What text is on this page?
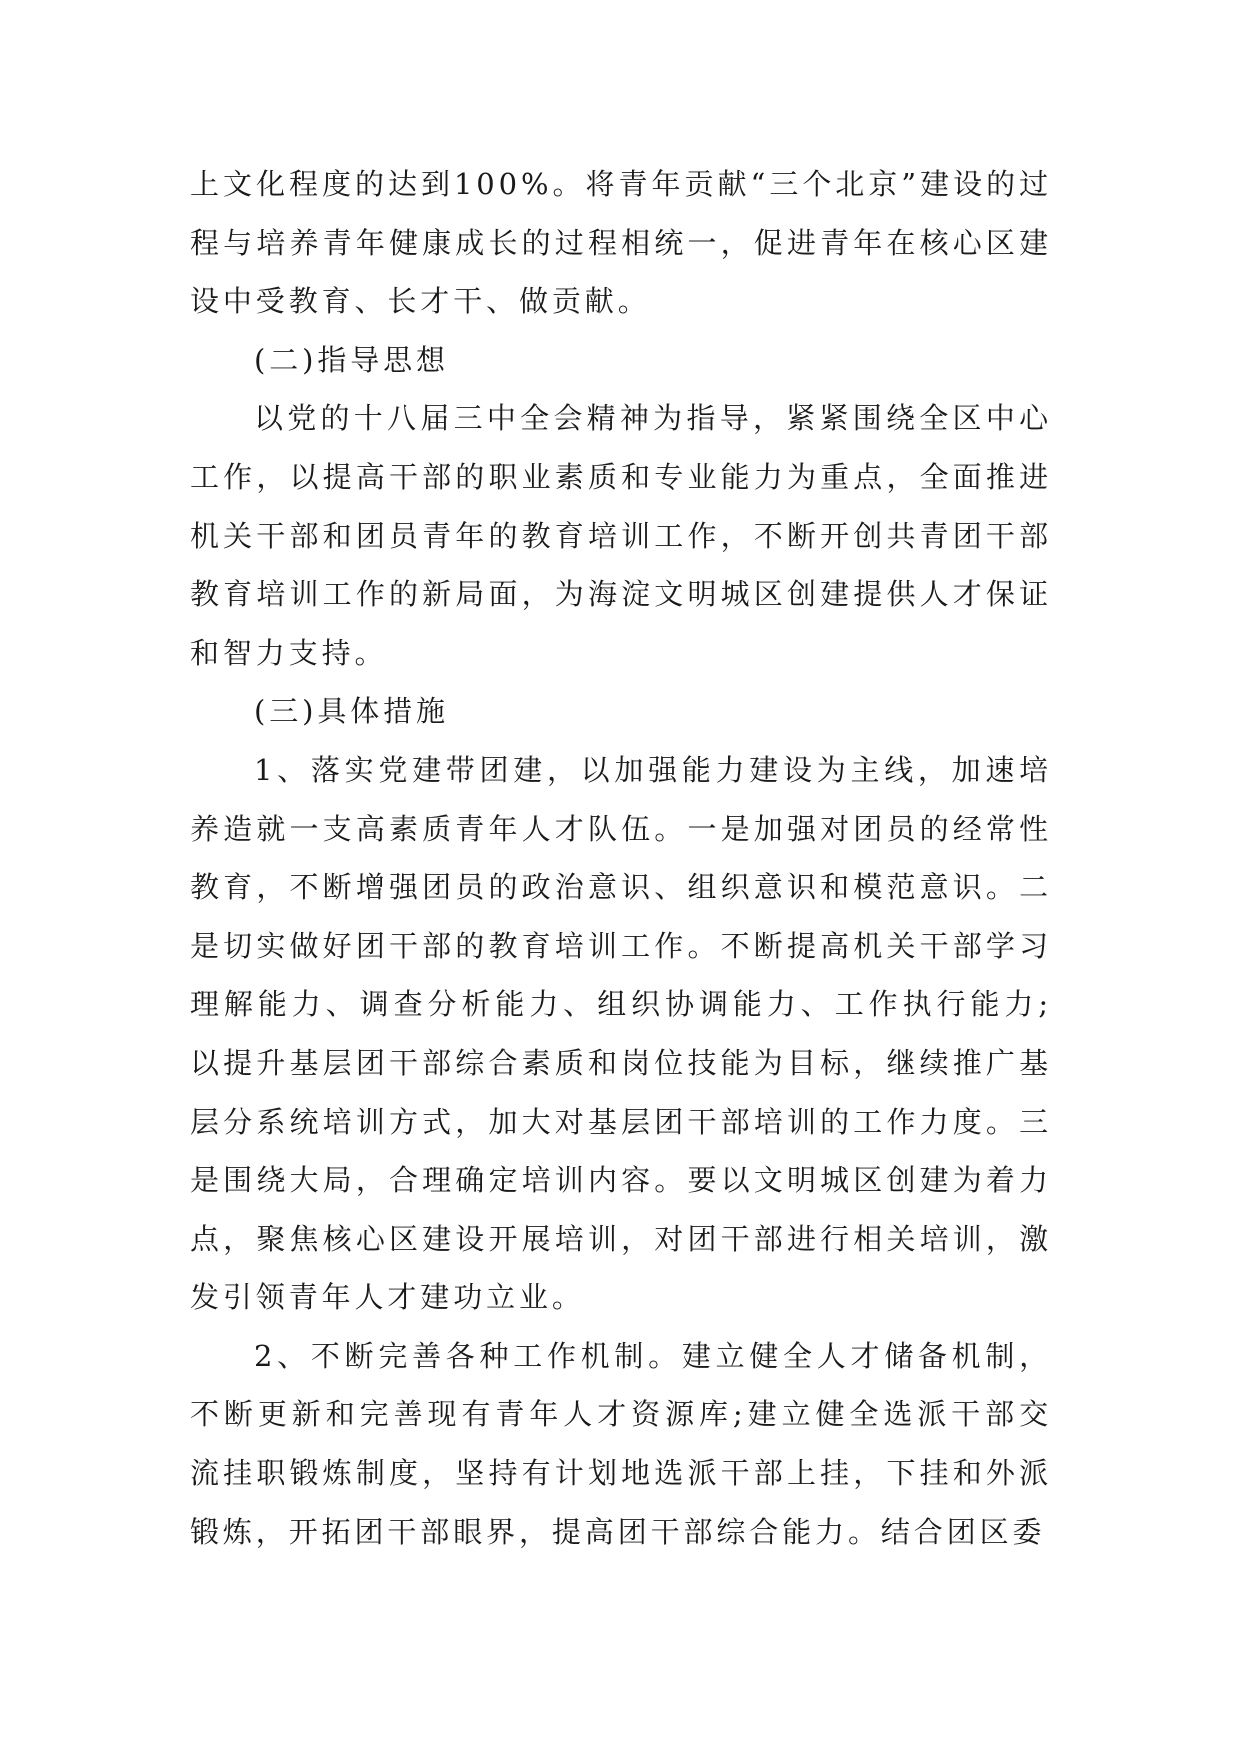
上文化程度的达到100%。将青年贡献“三个北京”建设的过程与培养青年健康成长的过程相统一，促进青年在核心区建设中受教育、长才干、做贡献。

(二)指导思想

以党的十八届三中全会精神为指导，紧紧围绕全区中心工作，以提高干部的职业素质和专业能力为重点，全面推进机关干部和团员青年的教育培训工作，不断开创共青团干部教育培训工作的新局面，为海淀文明城区创建提供人才保证和智力支持。

(三)具体措施

1、落实党建带团建，以加强能力建设为主线，加速培养造就一支高素质青年人才队伍。一是加强对团员的经常性教育，不断增强团员的政治意识、组织意识和模范意识。二是切实做好团干部的教育培训工作。不断提高机关干部学习理解能力、调查分析能力、组织协调能力、工作执行能力;以提升基层团干部综合素质和岗位技能为目标，继续推广基层分系统培训方式，加大对基层团干部培训的工作力度。三是围绕大局，合理确定培训内容。要以文明城区创建为着力点，聚焦核心区建设开展培训，对团干部进行相关培训，激发引领青年人才建功立业。

2、不断完善各种工作机制。建立健全人才储备机制，不断更新和完善现有青年人才资源库;建立健全选派干部交流挂职锻炼制度，坚持有计划地选派干部上挂，下挂和外派锻炼，开拓团干部眼界，提高团干部综合能力。结合团区委
